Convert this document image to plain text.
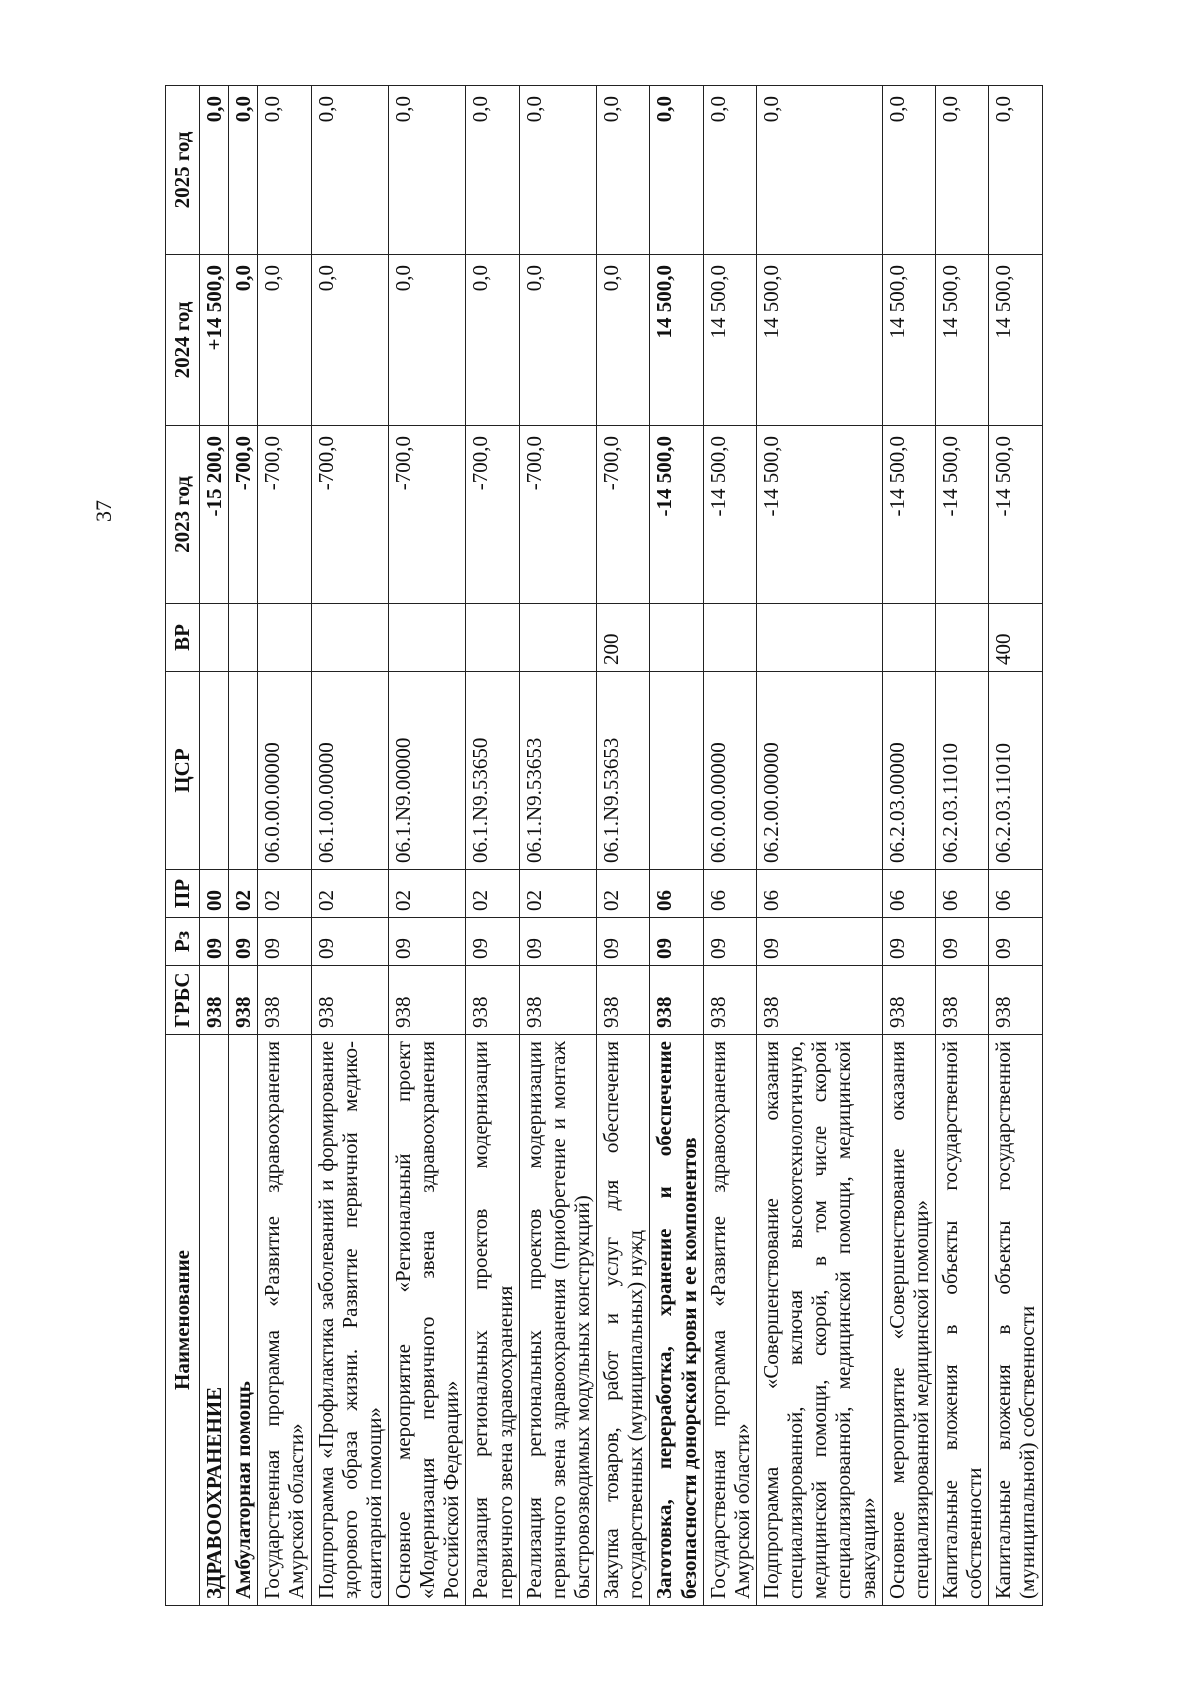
37
Наименование	ГРБС	Рз	ПР	ЦСР	ВР	2023 год	2024 год	2025 год
ЗДРАВООХРАНЕНИЕ	938	09	00			-15 200,0	+14 500,0	0,0
Амбулаторная помощь	938	09	02			-700,0	0,0	0,0
Государственная программа «Развитие здравоохранения Амурской области»	938	09	02	06.0.00.00000		-700,0	0,0	0,0
Подпрограмма «Профилактика заболеваний и формирование здорового образа жизни. Развитие первичной медико-санитарной помощи»	938	09	02	06.1.00.00000		-700,0	0,0	0,0
Основное мероприятие «Региональный проект «Модернизация первичного звена здравоохранения Российской Федерации»	938	09	02	06.1.N9.00000		-700,0	0,0	0,0
Реализация региональных проектов модернизации первичного звена здравоохранения	938	09	02	06.1.N9.53650		-700,0	0,0	0,0
Реализация региональных проектов модернизации первичного звена здравоохранения (приобретение и монтаж быстровозводимых модульных конструкций)	938	09	02	06.1.N9.53653		-700,0	0,0	0,0
Закупка товаров, работ и услуг для обеспечения государственных (муниципальных) нужд	938	09	02	06.1.N9.53653	200	-700,0	0,0	0,0
Заготовка, переработка, хранение и обеспечение безопасности донорской крови и ее компонентов	938	09	06			-14 500,0	14 500,0	0,0
Государственная программа «Развитие здравоохранения Амурской области»	938	09	06	06.0.00.00000		-14 500,0	14 500,0	0,0
Подпрограмма «Совершенствование оказания специализированной, включая высокотехнологичную, медицинской помощи, скорой, в том числе скорой специализированной, медицинской помощи, медицинской эвакуации»	938	09	06	06.2.00.00000		-14 500,0	14 500,0	0,0
Основное мероприятие «Совершенствование оказания специализированной медицинской помощи»	938	09	06	06.2.03.00000		-14 500,0	14 500,0	0,0
Капитальные вложения в объекты государственной собственности	938	09	06	06.2.03.11010		-14 500,0	14 500,0	0,0
Капитальные вложения в объекты государственной (муниципальной) собственности	938	09	06	06.2.03.11010	400	-14 500,0	14 500,0	0,0
